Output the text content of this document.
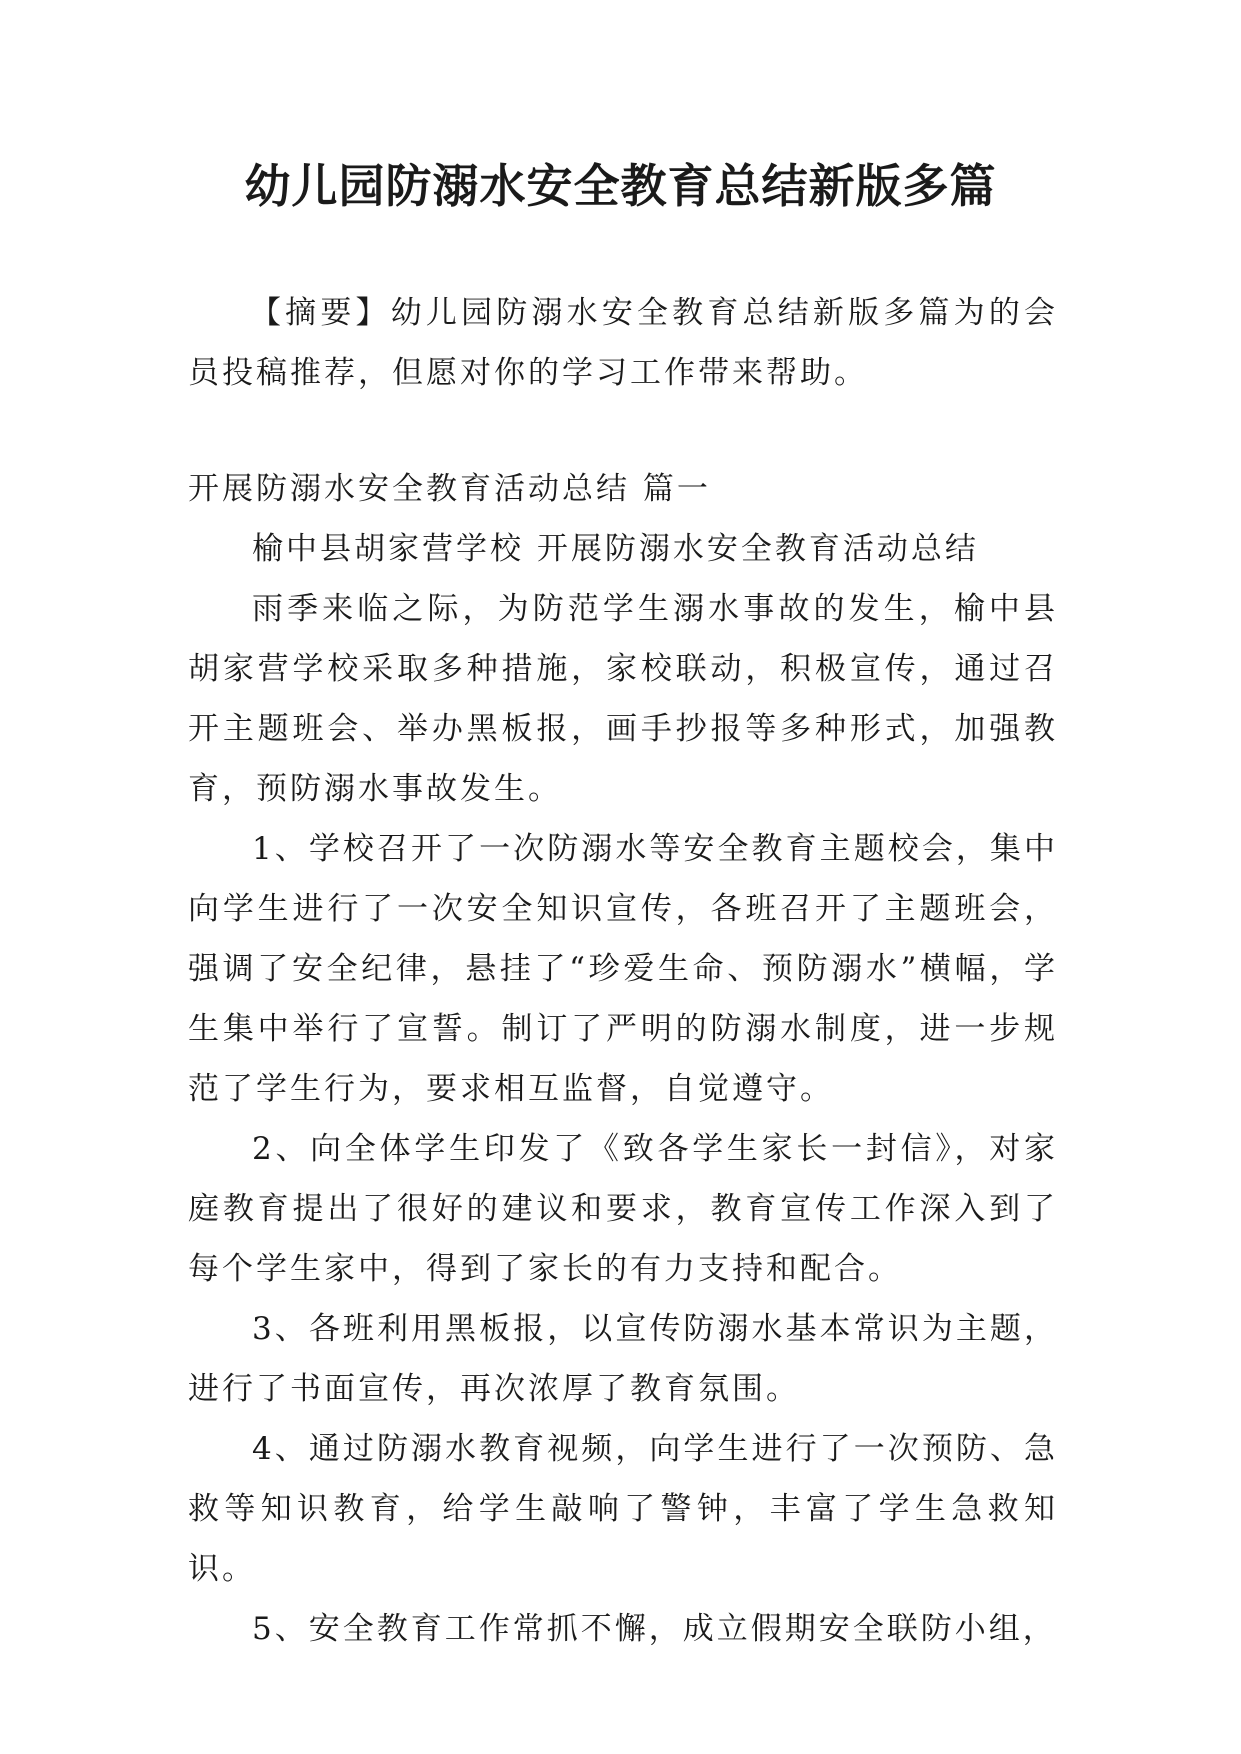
幼儿园防溺水安全教育总结新版多篇

【摘要】幼儿园防溺水安全教育总结新版多篇为的会员投稿推荐，但愿对你的学习工作带来帮助。

开展防溺水安全教育活动总结 篇一

榆中县胡家营学校 开展防溺水安全教育活动总结

雨季来临之际，为防范学生溺水事故的发生，榆中县胡家营学校采取多种措施，家校联动，积极宣传，通过召开主题班会、举办黑板报，画手抄报等多种形式，加强教育，预防溺水事故发生。

1、学校召开了一次防溺水等安全教育主题校会，集中向学生进行了一次安全知识宣传，各班召开了主题班会，强调了安全纪律，悬挂了“珍爱生命、预防溺水”横幅，学生集中举行了宣誓。制订了严明的防溺水制度，进一步规范了学生行为，要求相互监督，自觉遵守。

2、向全体学生印发了《致各学生家长一封信》，对家庭教育提出了很好的建议和要求，教育宣传工作深入到了每个学生家中，得到了家长的有力支持和配合。

3、各班利用黑板报，以宣传防溺水基本常识为主题，进行了书面宣传，再次浓厚了教育氛围。

4、通过防溺水教育视频，向学生进行了一次预防、急救等知识教育，给学生敲响了警钟，丰富了学生急救知识。

5、安全教育工作常抓不懈，成立假期安全联防小组，
